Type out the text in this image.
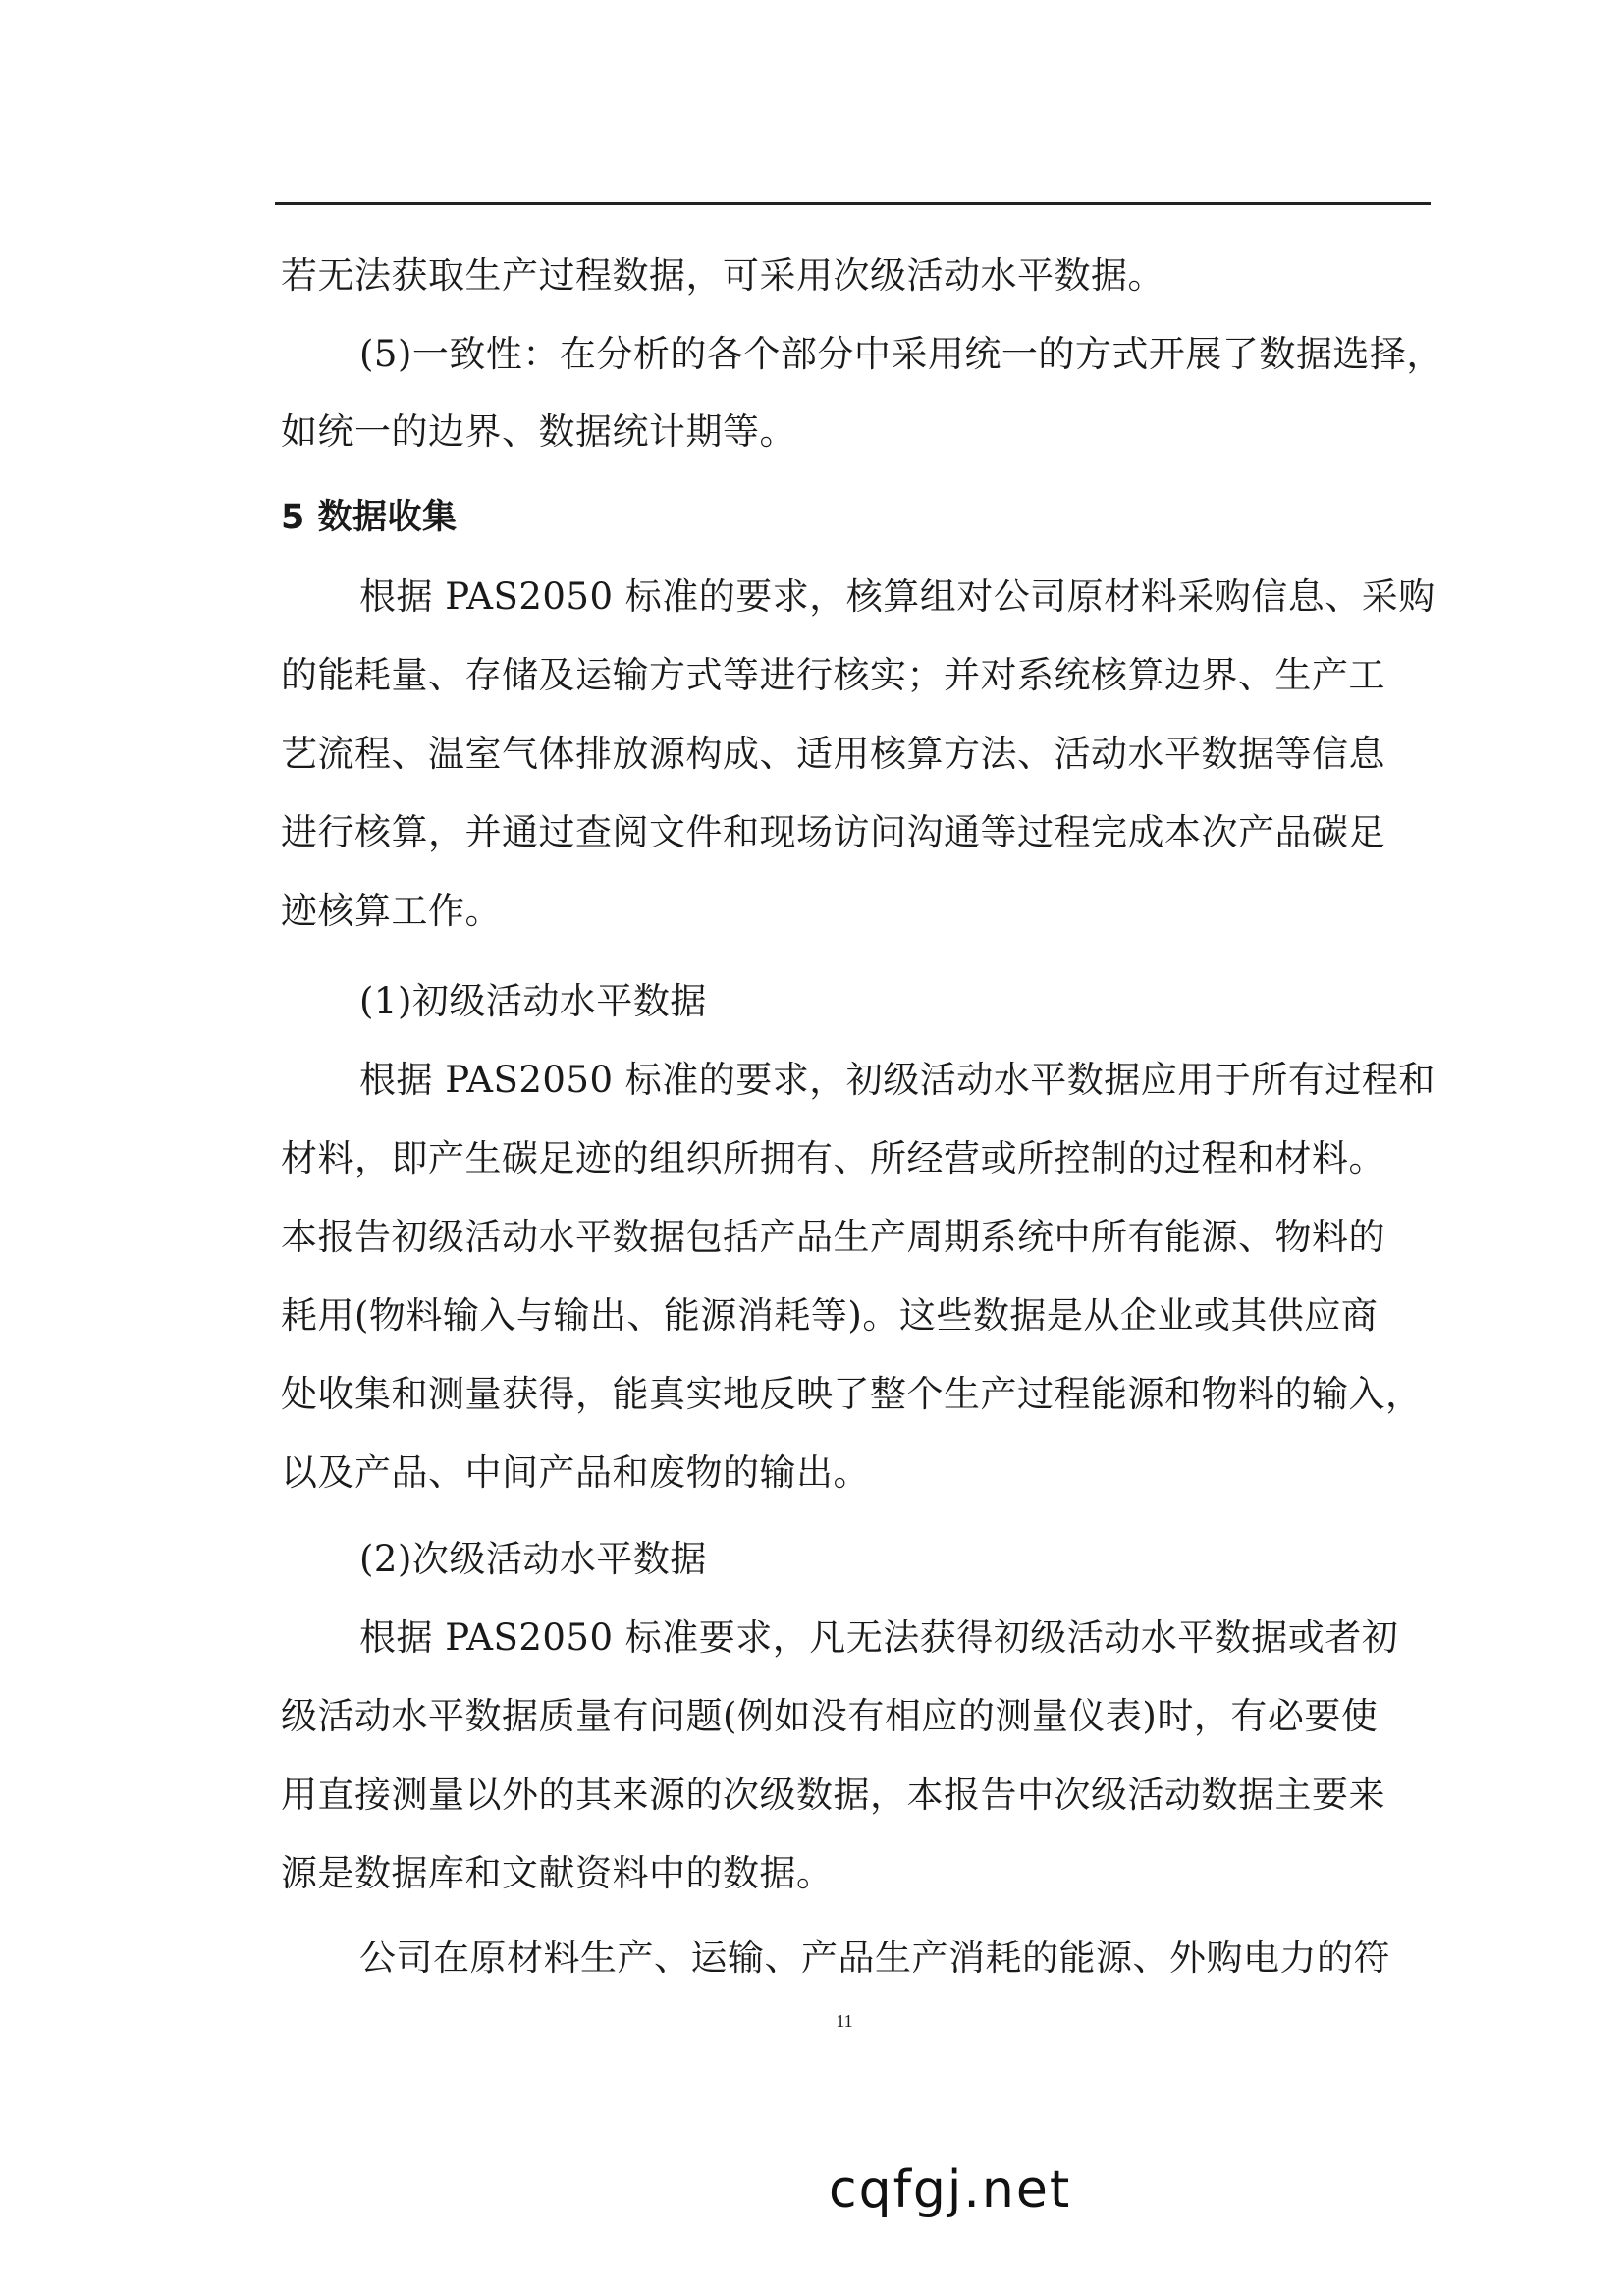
若无法获取生产过程数据，可采用次级活动水平数据。
(5)一致性：在分析的各个部分中采用统一的方式开展了数据选择，
如统一的边界、数据统计期等。
5 数据收集
根据 PAS2050 标准的要求，核算组对公司原材料采购信息、采购
的能耗量、存储及运输方式等进行核实；并对系统核算边界、生产工
艺流程、温室气体排放源构成、适用核算方法、活动水平数据等信息
进行核算，并通过查阅文件和现场访问沟通等过程完成本次产品碳足
迹核算工作。
(1)初级活动水平数据
根据 PAS2050 标准的要求，初级活动水平数据应用于所有过程和
材料，即产生碳足迹的组织所拥有、所经营或所控制的过程和材料。
本报告初级活动水平数据包括产品生产周期系统中所有能源、物料的
耗用(物料输入与输出、能源消耗等)。这些数据是从企业或其供应商
处收集和测量获得，能真实地反映了整个生产过程能源和物料的输入，
以及产品、中间产品和废物的输出。
(2)次级活动水平数据
根据 PAS2050 标准要求，凡无法获得初级活动水平数据或者初
级活动水平数据质量有问题(例如没有相应的测量仪表)时，有必要使
用直接测量以外的其来源的次级数据，本报告中次级活动数据主要来
源是数据库和文献资料中的数据。
公司在原材料生产、运输、产品生产消耗的能源、外购电力的符
11
cqfgj.net
